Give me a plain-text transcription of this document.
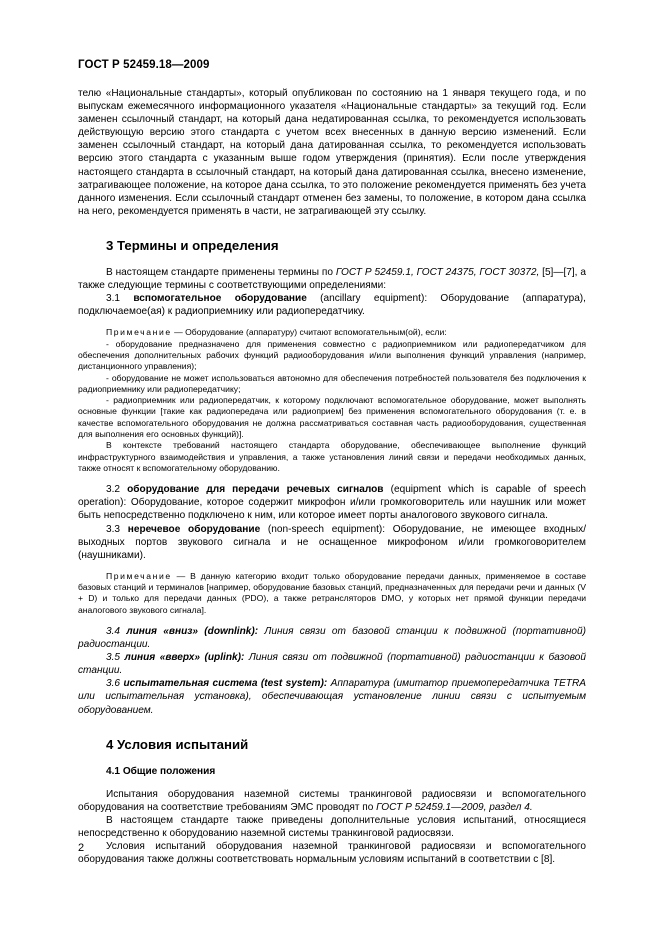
ГОСТ Р 52459.18—2009

телю «Национальные стандарты», который опубликован по состоянию на 1 января текущего года, и по выпускам ежемесячного информационного указателя «Национальные стандарты» за текущий год. Если заменен ссылочный стандарт, на который дана недатированная ссылка, то рекомендуется использовать действующую версию этого стандарта с учетом всех внесенных в данную версию изменений. Если заменен ссылочный стандарт, на который дана датированная ссылка, то рекомендуется использовать версию этого стандарта с указанным выше годом утверждения (принятия). Если после утверждения настоящего стандарта в ссылочный стандарт, на который дана датированная ссылка, внесено изменение, затрагивающее положение, на которое дана ссылка, то это положение рекомендуется применять без учета данного изменения. Если ссылочный стандарт отменен без замены, то положение, в котором дана ссылка на него, рекомендуется применять в части, не затрагивающей эту ссылку.

3 Термины и определения

В настоящем стандарте применены термины по ГОСТ Р 52459.1, ГОСТ 24375, ГОСТ 30372, [5]—[7], а также следующие термины с соответствующими определениями:

3.1 вспомогательное оборудование (ancillary equipment): Оборудование (аппаратура), подключаемое(ая) к радиоприемнику или радиопередатчику.

Примечание — Оборудование (аппаратуру) считают вспомогательным(ой), если:

- оборудование предназначено для применения совместно с радиоприемником или радиопередатчиком для обеспечения дополнительных рабочих функций радиооборудования и/или выполнения функций управления (например, дистанционного управления);

- оборудование не может использоваться автономно для обеспечения потребностей пользователя без подключения к радиоприемнику или радиопередатчику;

- радиоприемник или радиопередатчик, к которому подключают вспомогательное оборудование, может выполнять основные функции [такие как радиопередача или радиоприем] без применения вспомогательного оборудования (т. е. в качестве вспомогательного оборудования не должна рассматриваться составная часть радиооборудования, существенная для выполнения его основных функций)].

В контексте требований настоящего стандарта оборудование, обеспечивающее выполнение функций инфраструктурного взаимодействия и управления, а также установления линий связи и передачи необходимых данных, также относят к вспомогательному оборудованию.

3.2 оборудование для передачи речевых сигналов (equipment which is capable of speech operation): Оборудование, которое содержит микрофон и/или громкоговоритель или наушник или может быть непосредственно подключено к ним, или которое имеет порты аналогового звукового сигнала.

3.3 неречевое оборудование (non-speech equipment): Оборудование, не имеющее входных/выходных портов звукового сигнала и не оснащенное микрофоном и/или громкоговорителем (наушниками).

Примечание — В данную категорию входит только оборудование передачи данных, применяемое в составе базовых станций и терминалов [например, оборудование базовых станций, предназначенных для передачи речи и данных (V + D) и только для передачи данных (PDO), а также ретрансляторов DMO, у которых нет прямой функции передачи аналогового звукового сигнала].

3.4 линия «вниз» (downlink): Линия связи от базовой станции к подвижной (портативной) радиостанции.

3.5 линия «вверх» (uplink): Линия связи от подвижной (портативной) радиостанции к базовой станции.

3.6 испытательная система (test system): Аппаратура (имитатор приемопередатчика TETRA или испытательная установка), обеспечивающая установление линии связи с испытуемым оборудованием.

4 Условия испытаний
4.1 Общие положения

Испытания оборудования наземной системы транкинговой радиосвязи и вспомогательного оборудования на соответствие требованиям ЭМС проводят по ГОСТ Р 52459.1—2009, раздел 4.

В настоящем стандарте также приведены дополнительные условия испытаний, относящиеся непосредственно к оборудованию наземной системы транкинговой радиосвязи.

Условия испытаний оборудования наземной транкинговой радиосвязи и вспомогательного оборудования также должны соответствовать нормальным условиям испытаний в соответствии с [8].

2
